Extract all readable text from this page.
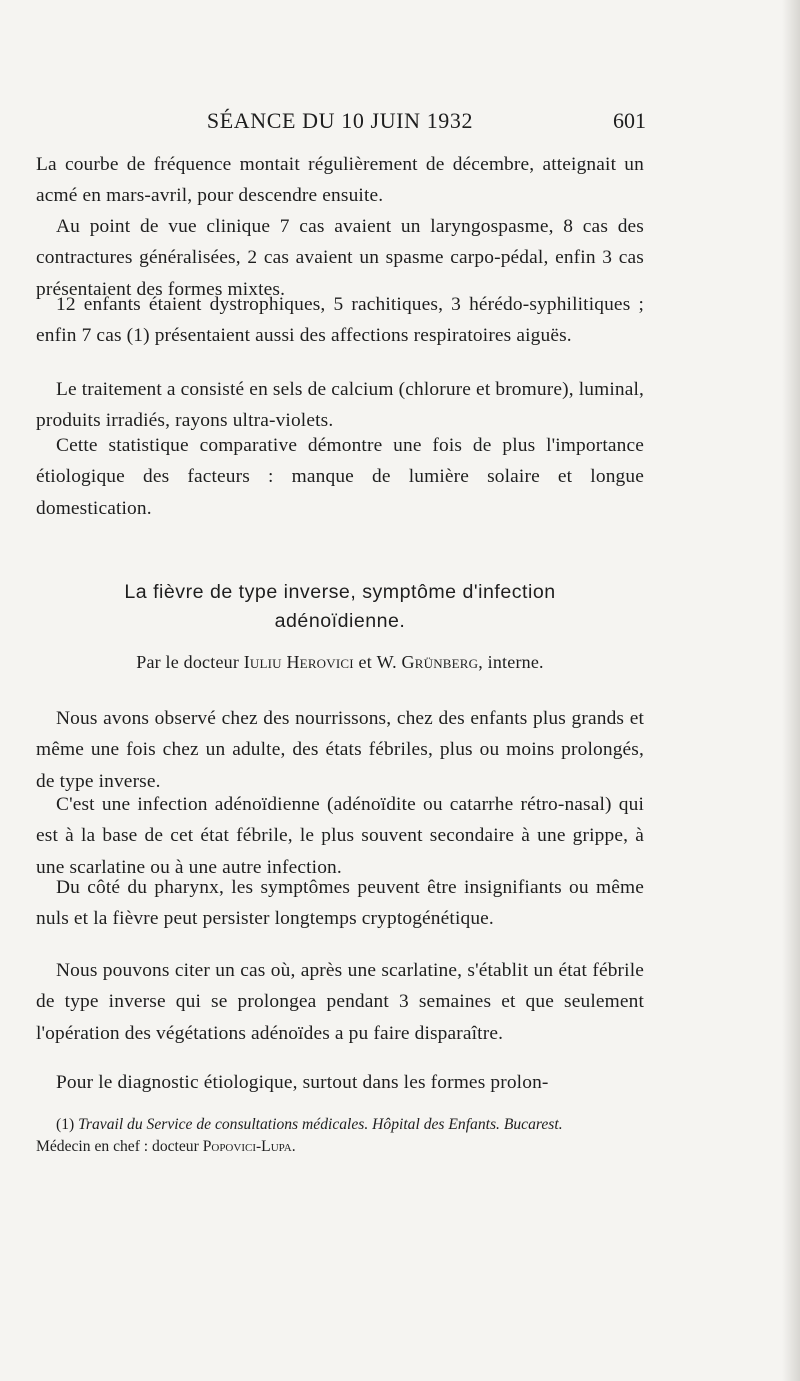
SÉANCE DU 10 JUIN 1932	601

La courbe de fréquence montait régulièrement de décembre, atteignait un acmé en mars-avril, pour descendre ensuite.

Au point de vue clinique 7 cas avaient un laryngospasme, 8 cas des contractures généralisées, 2 cas avaient un spasme carpo-pédal, enfin 3 cas présentaient des formes mixtes.

12 enfants étaient dystrophiques, 5 rachitiques, 3 hérédo-syphilitiques ; enfin 7 cas (1) présentaient aussi des affections respiratoires aiguës.

Le traitement a consisté en sels de calcium (chlorure et bromure), luminal, produits irradiés, rayons ultra-violets.

Cette statistique comparative démontre une fois de plus l'importance étiologique des facteurs : manque de lumière solaire et longue domestication.

La fièvre de type inverse, symptôme d'infection
adénoïdienne.

Par le docteur Iuliu Herovici et W. Grünberg, interne.

Nous avons observé chez des nourrissons, chez des enfants plus grands et même une fois chez un adulte, des états fébriles, plus ou moins prolongés, de type inverse.

C'est une infection adénoïdienne (adénoïdite ou catarrhe rétro-nasal) qui est à la base de cet état fébrile, le plus souvent secondaire à une grippe, à une scarlatine ou à une autre infection.

Du côté du pharynx, les symptômes peuvent être insignifiants ou même nuls et la fièvre peut persister longtemps cryptogénétique.

Nous pouvons citer un cas où, après une scarlatine, s'établit un état fébrile de type inverse qui se prolongea pendant 3 semaines et que seulement l'opération des végétations adénoïdes a pu faire disparaître.

Pour le diagnostic étiologique, surtout dans les formes prolon-

(1) Travail du Service de consultations médicales. Hôpital des Enfants. Bucarest.
Médecin en chef : docteur Popovici-Lupa.
